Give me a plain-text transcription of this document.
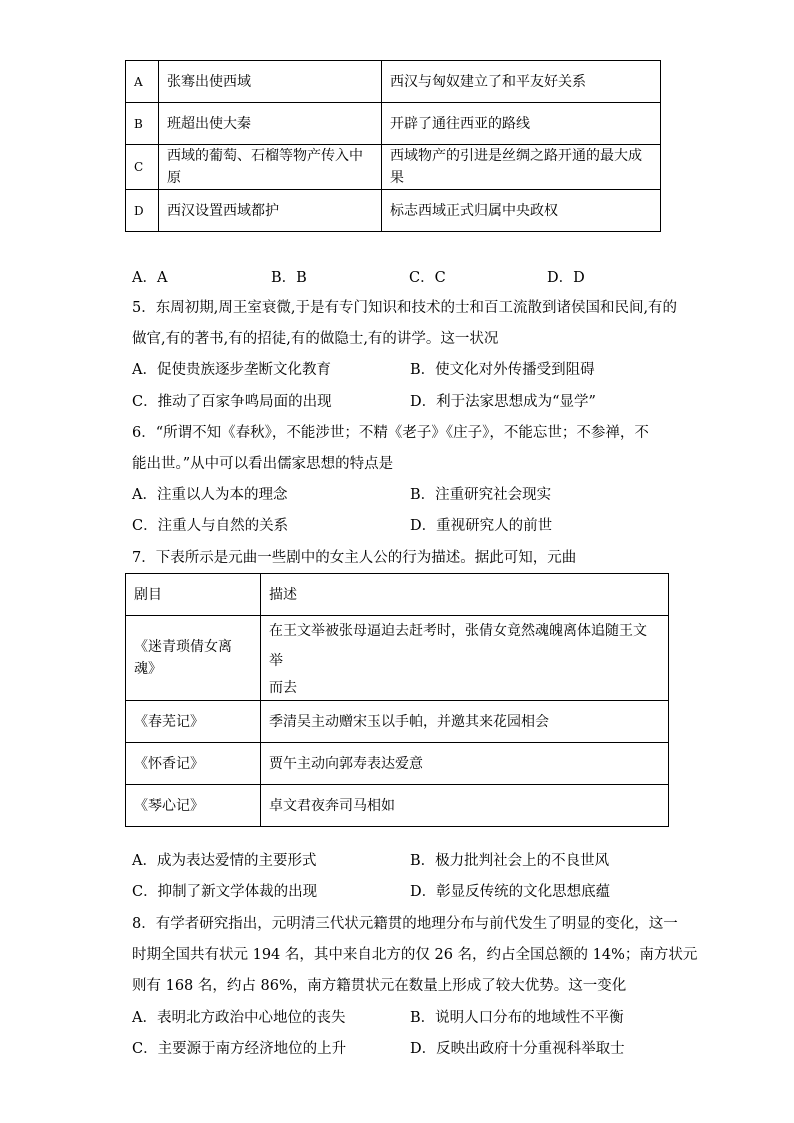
A	张骞出使西域	西汉与匈奴建立了和平友好关系
B	班超出使大秦	开辟了通往西亚的路线
C	西域的葡萄、石榴等物产传入中原	西域物产的引进是丝绸之路开通的最大成果
D	西汉设置西域都护	标志西域正式归属中央政权
A．A	B．B	C．C	D．D
5．东周初期,周王室衰微,于是有专门知识和技术的士和百工流散到诸侯国和民间,有的
做官,有的著书,有的招徒,有的做隐士,有的讲学。这一状况
A．促使贵族逐步垄断文化教育	B．使文化对外传播受到阻碍
C．推动了百家争鸣局面的出现	D．利于法家思想成为“显学”
6．“所谓不知《春秋》，不能涉世；不精《老子》《庄子》，不能忘世；不参禅，不
能出世。”从中可以看出儒家思想的特点是
A．注重以人为本的理念	B．注重研究社会现实
C．注重人与自然的关系	D．重视研究人的前世
7．下表所示是元曲一些剧中的女主人公的行为描述。据此可知，元曲
剧目	描述
《迷青琐倩女离魂》	在王文举被张母逼迫去赶考时，张倩女竟然魂魄离体追随王文举
而去

《春芜记》	季清吴主动赠宋玉以手帕，并邀其来花园相会
《怀香记》	贾午主动向郭寿表达爱意
《琴心记》	卓文君夜奔司马相如
A．成为表达爱情的主要形式	B．极力批判社会上的不良世风
C．抑制了新文学体裁的出现	D．彰显反传统的文化思想底蕴
8．有学者研究指出，元明清三代状元籍贯的地理分布与前代发生了明显的变化，这一
时期全国共有状元 194 名，其中来自北方的仅 26 名，约占全国总额的 14%；南方状元
则有 168 名，约占 86%，南方籍贯状元在数量上形成了较大优势。这一变化
A．表明北方政治中心地位的丧失	B．说明人口分布的地域性不平衡
C．主要源于南方经济地位的上升	D．反映出政府十分重视科举取士
